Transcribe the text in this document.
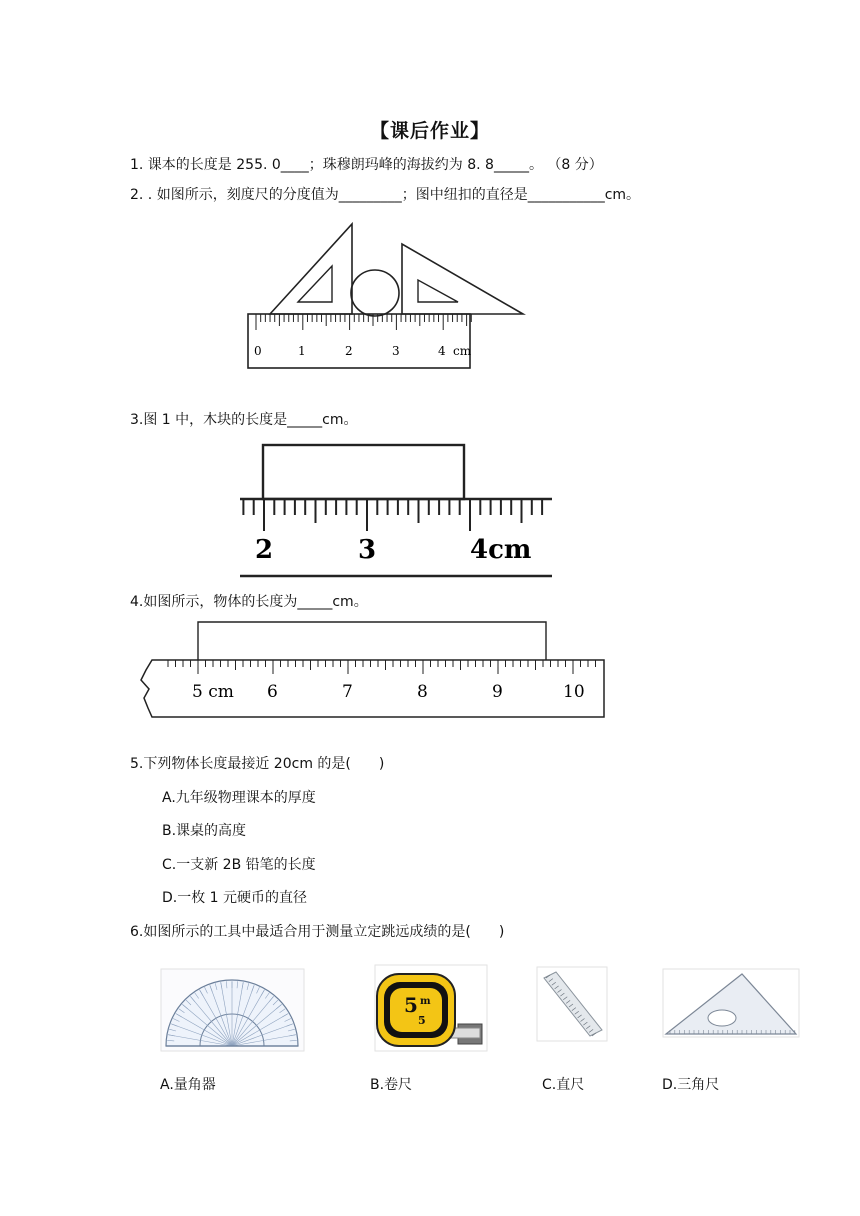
【课后作业】
1. 课本的长度是 255. 0____；珠穆朗玛峰的海拔约为 8. 8_____。 （8 分）
2. . 如图所示，刻度尺的分度值为_________；图中纽扣的直径是___________cm。
0	1	2	3	4 cm
3.图 1 中，木块的长度是_____cm。
2	3	4cm
4.如图所示，物体的长度为_____cm。
5 cm 6	7	8	9	10
5.下列物体长度最接近 20cm 的是(　　)
A.九年级物理课本的厚度
B.课桌的高度
C.一支新 2B 铅笔的长度
D.一枚 1 元硬币的直径
6.如图所示的工具中最适合用于测量立定跳远成绩的是(　　)
5 m
5
A.量角器	B.卷尺	C.直尺	D.三角尺
